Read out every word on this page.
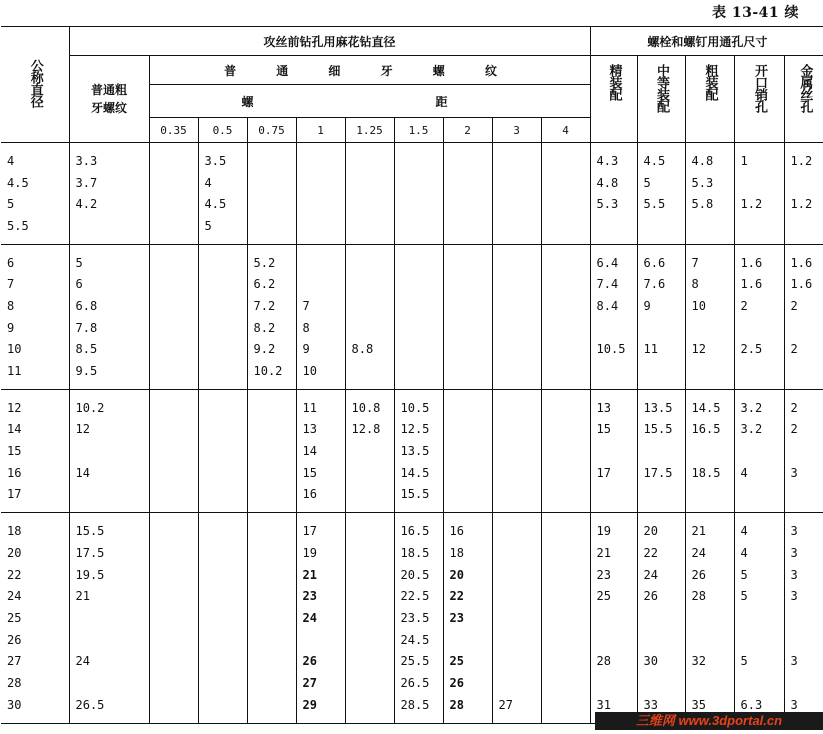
表 13-41 续
公称直径	攻丝前钻孔用麻花钻直径										螺栓和螺钉用通孔尺寸				
	普通粗牙螺纹	普 通 细 牙 螺 纹									精装配	中等装配	粗装配	开口销孔	金属丝孔
		螺 距													
		0.35	0.5	0.75	1	1.25	1.5	2	3	4					
4	3.3		3.5								4.3	4.5	4.8	1	1.2
4.5	3.7		4								4.8	5	5.3		
5	4.2		4.5								5.3	5.5	5.8	1.2	1.2
5.5			5												
6	5			5.2							6.4	6.6	7	1.6	1.6
7	6			6.2							7.4	7.6	8	1.6	1.6
8	6.8			7.2	7						8.4	9	10	2	2
9	7.8			8.2	8										
10	8.5			9.2	9	8.8					10.5	11	12	2.5	2
11	9.5			10.2	10										
12	10.2				11	10.8	10.5				13	13.5	14.5	3.2	2
14	12				13	12.8	12.5				15	15.5	16.5	3.2	2
15					14		13.5								
16	14				15		14.5				17	17.5	18.5	4	3
17					16		15.5								
18	15.5				17		16.5	16			19	20	21	4	3
20	17.5				19		18.5	18			21	22	24	4	3
22	19.5				21		20.5	20			23	24	26	5	3
24	21				23		22.5	22			25	26	28	5	3
25					24		23.5	23							
26							24.5								
27	24				26		25.5	25			28	30	32	5	3
28					27		26.5	26							
30	26.5				29		28.5	28	27		31	33	35	6.3	3
三维网 www.3dportal.cn
